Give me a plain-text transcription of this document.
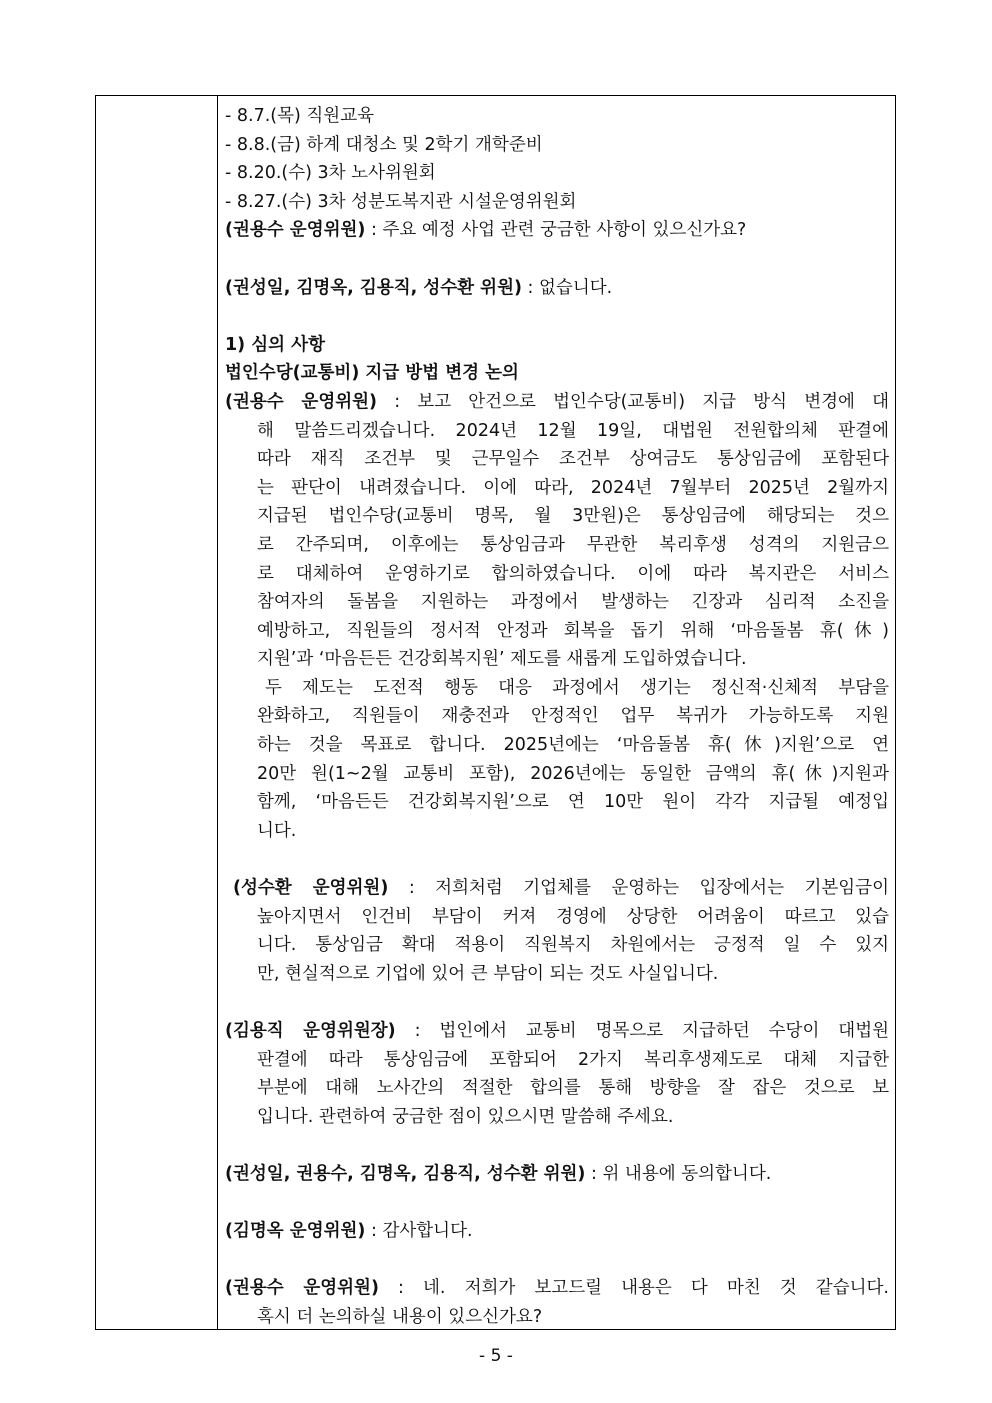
- 8.7.(목) 직원교육
- 8.8.(금) 하계 대청소 및 2학기 개학준비
- 8.20.(수) 3차 노사위원회
- 8.27.(수) 3차 성분도복지관 시설운영위원회
(권용수 운영위원) : 주요 예정 사업 관련 궁금한 사항이 있으신가요?
(권성일, 김명옥, 김용직, 성수환 위원) : 없습니다.
1) 심의 사항
법인수당(교통비) 지급 방법 변경 논의
(권용수 운영위원) : 보고 안건으로 법인수당(교통비) 지급 방식 변경에 대
해 말씀드리겠습니다. 2024년 12월 19일, 대법원 전원합의체 판결에
따라 재직 조건부 및 근무일수 조건부 상여금도 통상임금에 포함된다
는 판단이 내려졌습니다. 이에 따라, 2024년 7월부터 2025년 2월까지
지급된 법인수당(교통비 명목, 월 3만원)은 통상임금에 해당되는 것으
로 간주되며, 이후에는 통상임금과 무관한 복리후생 성격의 지원금으
로 대체하여 운영하기로 합의하였습니다. 이에 따라 복지관은 서비스
참여자의 돌봄을 지원하는 과정에서 발생하는 긴장과 심리적 소진을
예방하고, 직원들의 정서적 안정과 회복을 돕기 위해 ‘마음돌봄 휴(休)
지원’과 ‘마음든든 건강회복지원’ 제도를 새롭게 도입하였습니다.
두 제도는 도전적 행동 대응 과정에서 생기는 정신적·신체적 부담을
완화하고, 직원들이 재충전과 안정적인 업무 복귀가 가능하도록 지원
하는 것을 목표로 합니다. 2025년에는 ‘마음돌봄 휴(休)지원’으로 연
20만 원(1~2월 교통비 포함), 2026년에는 동일한 금액의 휴(休)지원과
함께, ‘마음든든 건강회복지원’으로 연 10만 원이 각각 지급될 예정입
니다.
(성수환 운영위원) : 저희처럼 기업체를 운영하는 입장에서는 기본임금이
높아지면서 인건비 부담이 커져 경영에 상당한 어려움이 따르고 있습
니다. 통상임금 확대 적용이 직원복지 차원에서는 긍정적 일 수 있지
만, 현실적으로 기업에 있어 큰 부담이 되는 것도 사실입니다.
(김용직 운영위원장) : 법인에서 교통비 명목으로 지급하던 수당이 대법원
판결에 따라 통상임금에 포함되어 2가지 복리후생제도로 대체 지급한
부분에 대해 노사간의 적절한 합의를 통해 방향을 잘 잡은 것으로 보
입니다. 관련하여 궁금한 점이 있으시면 말씀해 주세요.
(권성일, 권용수, 김명옥, 김용직, 성수환 위원) : 위 내용에 동의합니다.
(김명옥 운영위원) : 감사합니다.
(권용수 운영위원) : 네. 저희가 보고드릴 내용은 다 마친 것 같습니다.
혹시 더 논의하실 내용이 있으신가요?
- 5 -
